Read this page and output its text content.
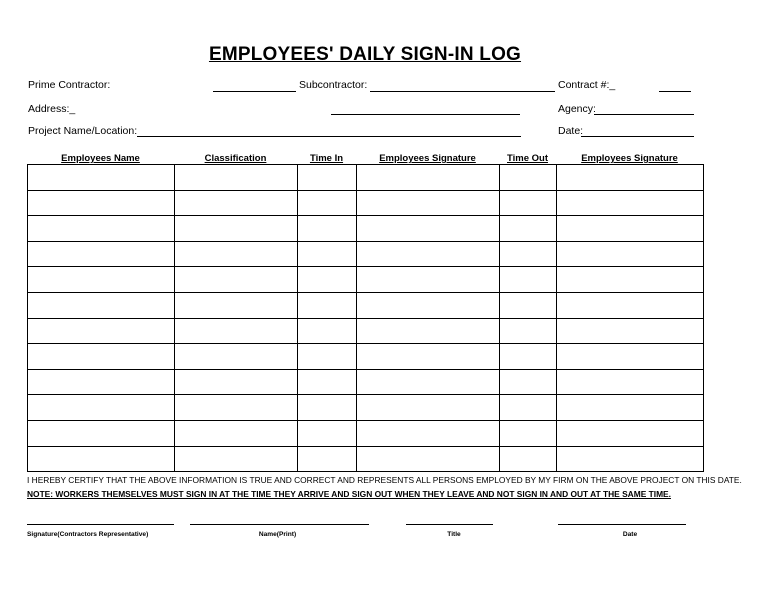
EMPLOYEES' DAILY SIGN-IN LOG
Prime Contractor:	Subcontractor:	Contract #:_
Address:_	Agency:
Project Name/Location:	Date:
Employees Name	Classification	Time In	Employees Signature	Time Out	Employees Signature

I HEREBY CERTIFY THAT THE ABOVE INFORMATION IS TRUE AND CORRECT AND REPRESENTS ALL PERSONS EMPLOYED BY MY FIRM ON THE ABOVE PROJECT ON THIS DATE.
NOTE: WORKERS THEMSELVES MUST SIGN IN AT THE TIME THEY ARRIVE AND SIGN OUT WHEN THEY LEAVE AND NOT SIGN IN AND OUT AT THE SAME TIME.
Signature(Contractors Representative)	Name(Print)	Title	Date
